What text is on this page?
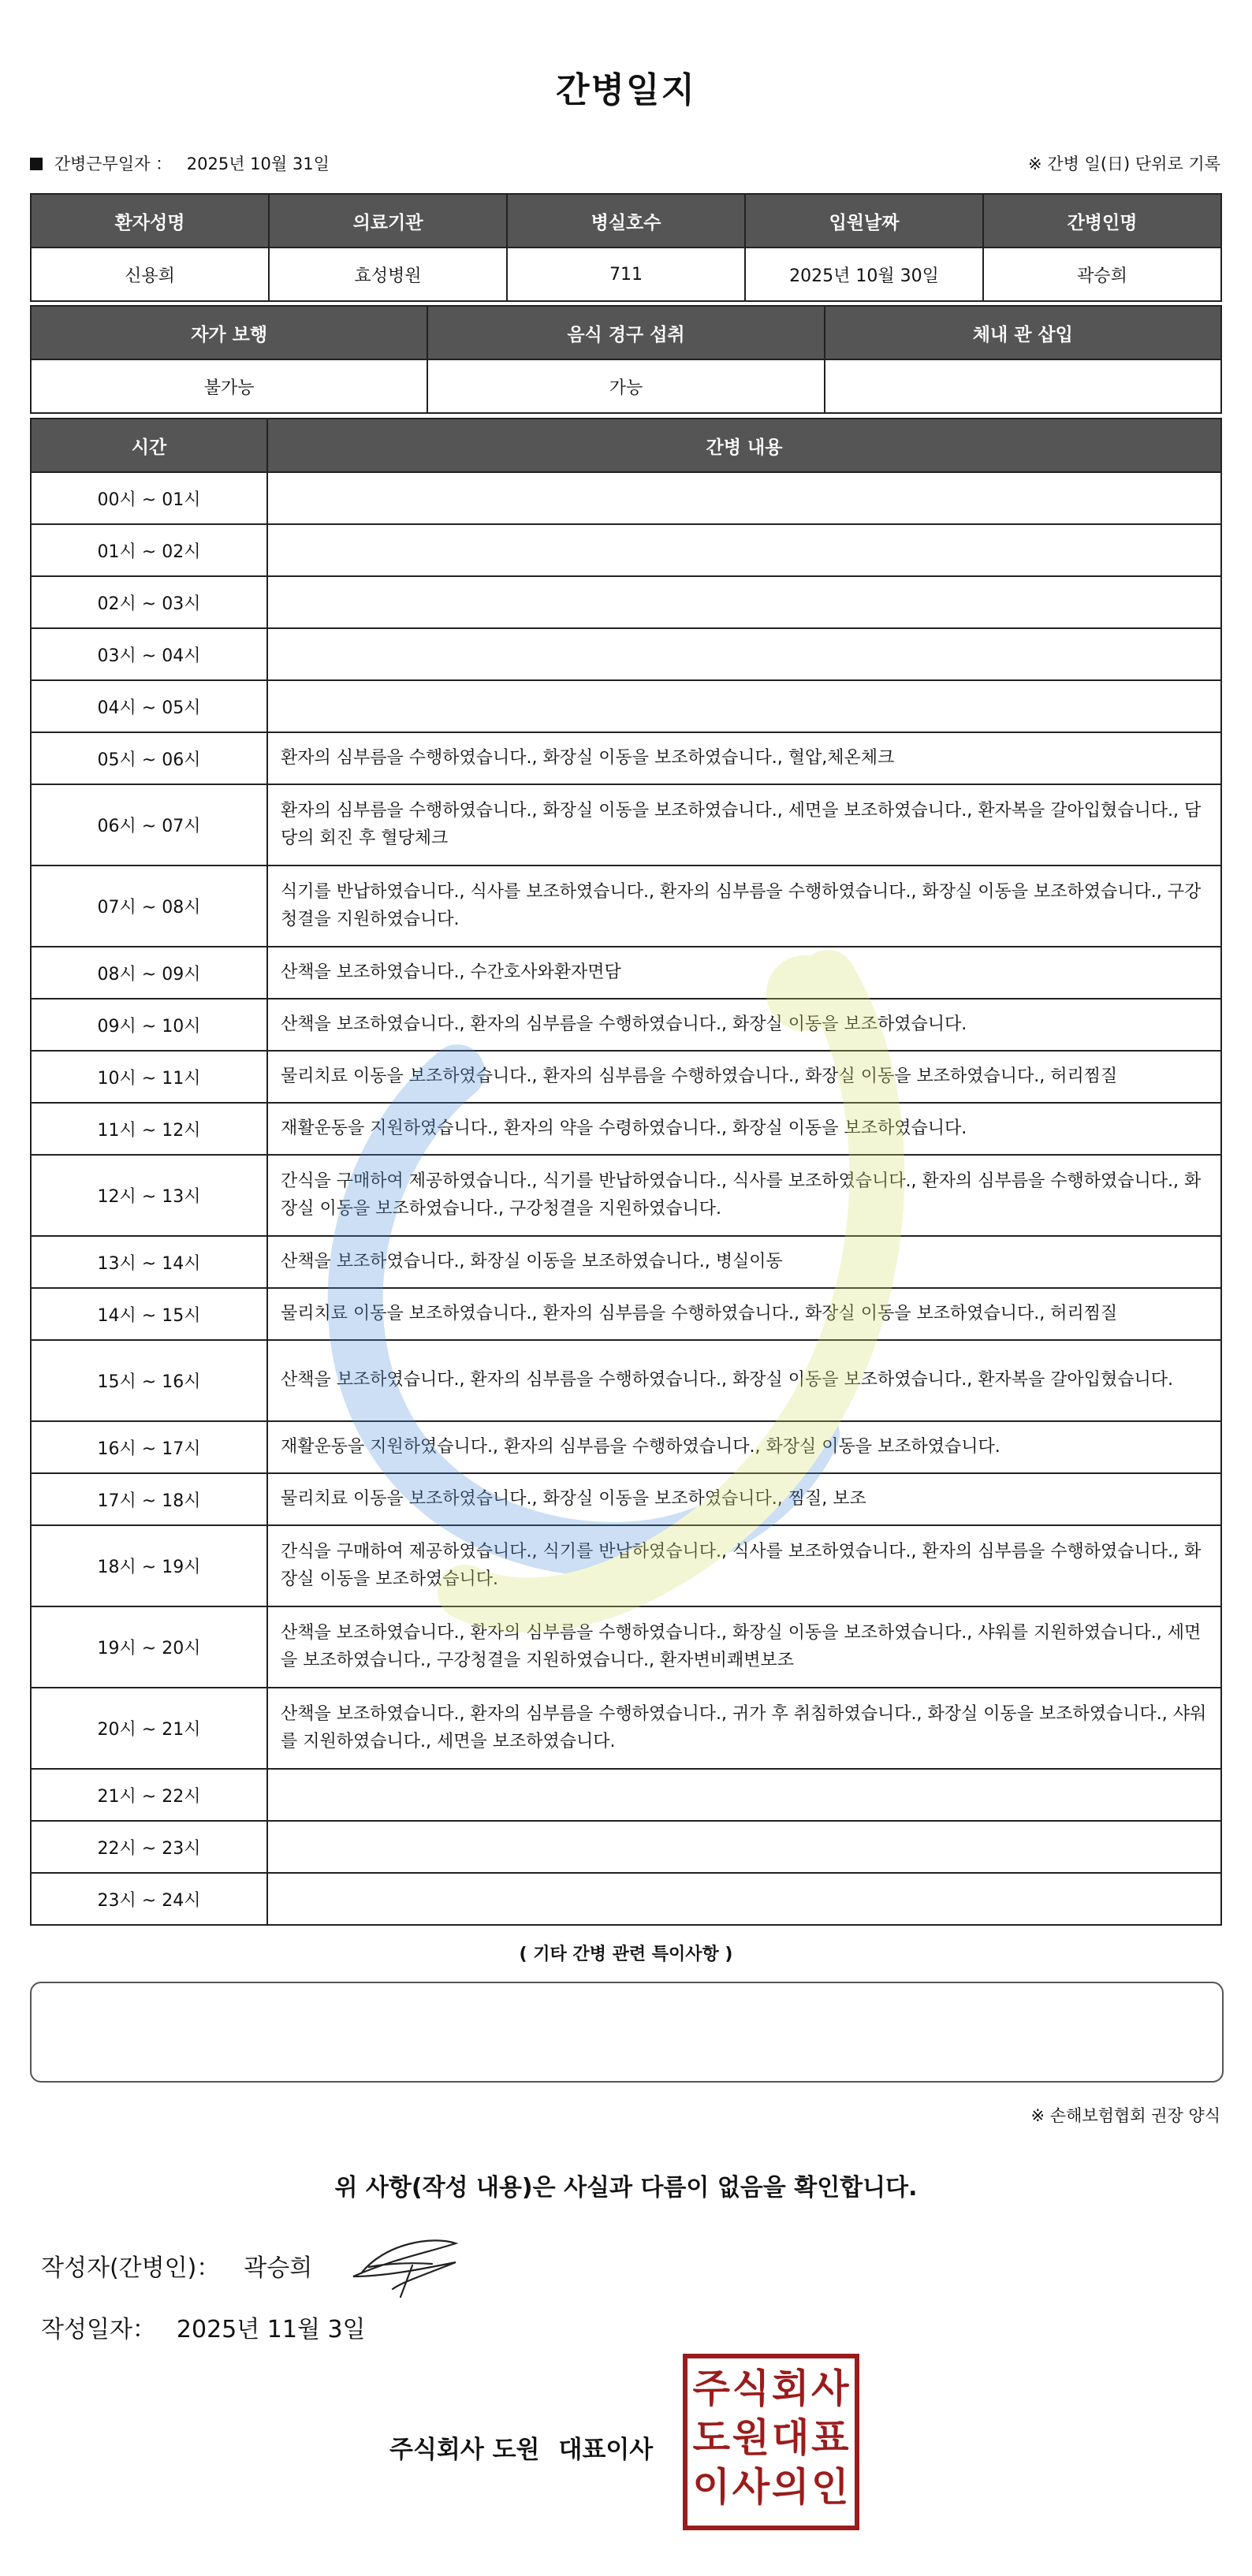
간병일지
간병근무일자 ： 2025년 10월 31일	※ 간병 일(日) 단위로 기록
환자성명	의료기관	병실호수	입원날짜	간병인명
신용희	효성병원	711	2025년 10월 30일	곽승희
자가 보행	음식 경구 섭취	체내 관 삽입
불가능	가능	
시간	간병 내용
00시 ~ 01시	
01시 ~ 02시	
02시 ~ 03시	
03시 ~ 04시	
04시 ~ 05시	
05시 ~ 06시	환자의 심부름을 수행하였습니다., 화장실 이동을 보조하였습니다., 혈압,체온체크
06시 ~ 07시	환자의 심부름을 수행하였습니다., 화장실 이동을 보조하였습니다., 세면을 보조하였습니다., 환자복을 갈아입혔습니다., 담당의 회진 후 혈당체크
07시 ~ 08시	식기를 반납하였습니다., 식사를 보조하였습니다., 환자의 심부름을 수행하였습니다., 화장실 이동을 보조하였습니다., 구강청결을 지원하였습니다.
08시 ~ 09시	산책을 보조하였습니다., 수간호사와환자면담
09시 ~ 10시	산책을 보조하였습니다., 환자의 심부름을 수행하였습니다., 화장실 이동을 보조하였습니다.
10시 ~ 11시	물리치료 이동을 보조하였습니다., 환자의 심부름을 수행하였습니다., 화장실 이동을 보조하였습니다., 허리찜질
11시 ~ 12시	재활운동을 지원하였습니다., 환자의 약을 수령하였습니다., 화장실 이동을 보조하였습니다.
12시 ~ 13시	간식을 구매하여 제공하였습니다., 식기를 반납하였습니다., 식사를 보조하였습니다., 환자의 심부름을 수행하였습니다., 화장실 이동을 보조하였습니다., 구강청결을 지원하였습니다.
13시 ~ 14시	산책을 보조하였습니다., 화장실 이동을 보조하였습니다., 병실이동
14시 ~ 15시	물리치료 이동을 보조하였습니다., 환자의 심부름을 수행하였습니다., 화장실 이동을 보조하였습니다., 허리찜질
15시 ~ 16시	산책을 보조하였습니다., 환자의 심부름을 수행하였습니다., 화장실 이동을 보조하였습니다., 환자복을 갈아입혔습니다.
16시 ~ 17시	재활운동을 지원하였습니다., 환자의 심부름을 수행하였습니다., 화장실 이동을 보조하였습니다.
17시 ~ 18시	물리치료 이동을 보조하였습니다., 화장실 이동을 보조하였습니다., 찜질, 보조
18시 ~ 19시	간식을 구매하여 제공하였습니다., 식기를 반납하였습니다., 식사를 보조하였습니다., 환자의 심부름을 수행하였습니다., 화장실 이동을 보조하였습니다.
19시 ~ 20시	산책을 보조하였습니다., 환자의 심부름을 수행하였습니다., 화장실 이동을 보조하였습니다., 샤워를 지원하였습니다., 세면을 보조하였습니다., 구강청결을 지원하였습니다., 환자변비쾌변보조
20시 ~ 21시	산책을 보조하였습니다., 환자의 심부름을 수행하였습니다., 귀가 후 취침하였습니다., 화장실 이동을 보조하였습니다., 샤워를 지원하였습니다., 세면을 보조하였습니다.
21시 ~ 22시	
22시 ~ 23시	
23시 ~ 24시	
( 기타 간병 관련 특이사항 )
※ 손해보험협회 권장 양식
위 사항(작성 내용)은 사실과 다름이 없음을 확인합니다.
작성자(간병인)： 곽승희
작성일자： 2025년 11월 3일
주식회사 도원 대표이사
주 식 회 사
도 원 대 표
이 사 의 인
